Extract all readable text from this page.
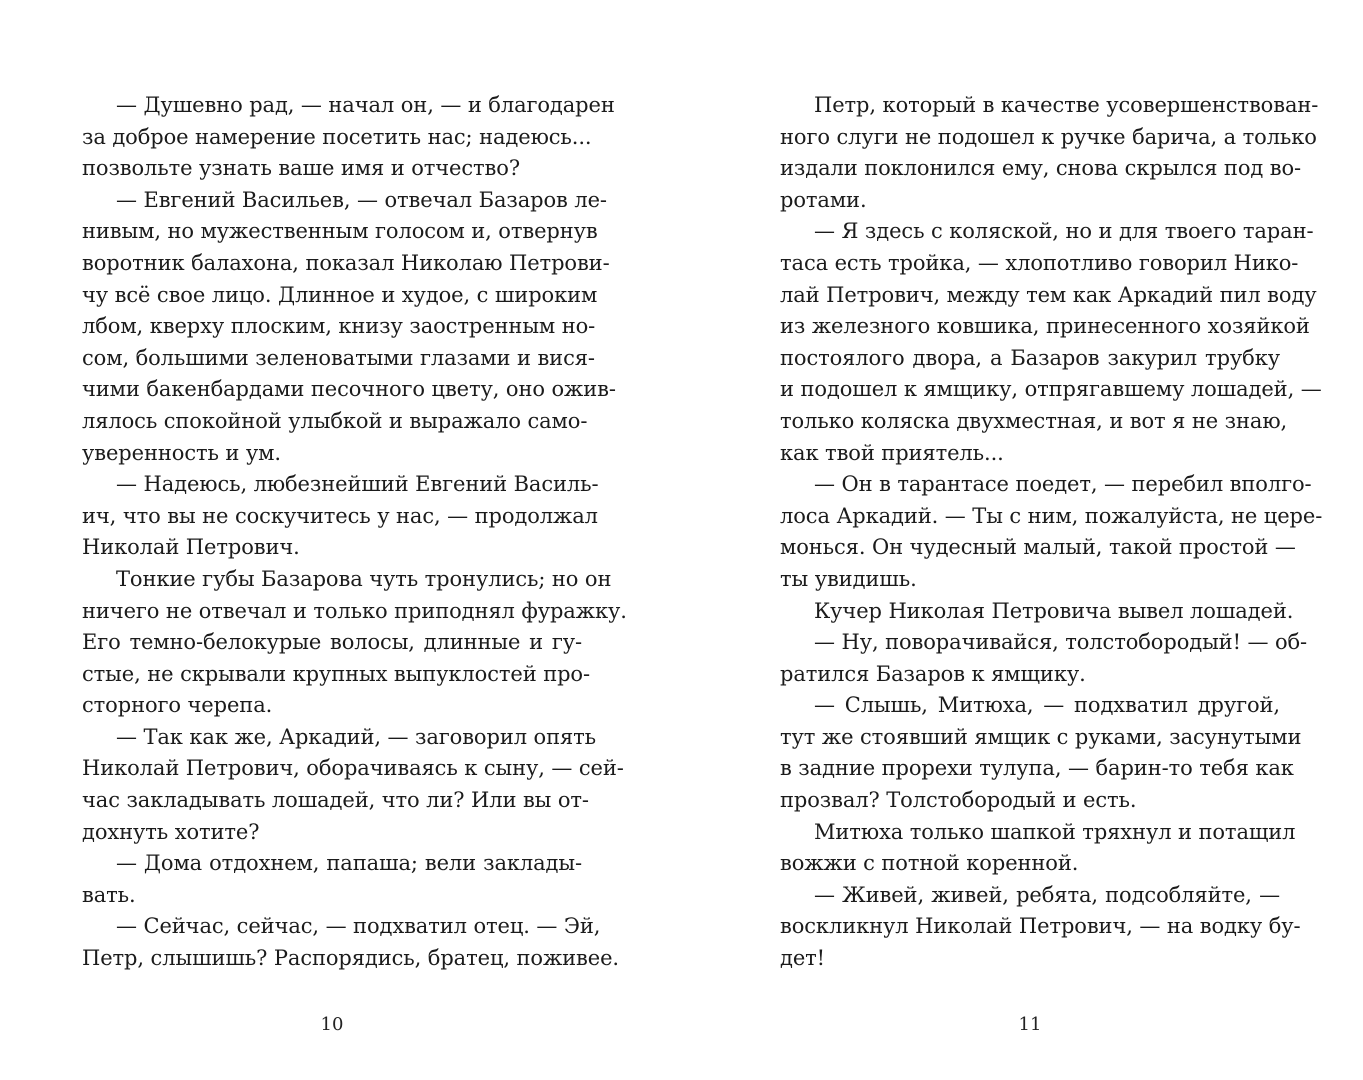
— Душевно рад, — начал он, — и благодарен
за доброе намерение посетить нас; надеюсь...
позвольте узнать ваше имя и отчество?
— Евгений Васильев, — отвечал Базаров ле-
нивым, но мужественным голосом и, отвернув
воротник балахона, показал Николаю Петрови-
чу всё свое лицо. Длинное и худое, с широким
лбом, кверху плоским, книзу заостренным но-
сом, большими зеленоватыми глазами и вися-
чими бакенбардами песочного цвету, оно ожив-
лялось спокойной улыбкой и выражало само-
уверенность и ум.
— Надеюсь, любезнейший Евгений Василь-
ич, что вы не соскучитесь у нас, — продолжал
Николай Петрович.
Тонкие губы Базарова чуть тронулись; но он
ничего не отвечал и только приподнял фуражку.
Его темно-белокурые волосы, длинные и гу-
стые, не скрывали крупных выпуклостей про-
сторного черепа.
— Так как же, Аркадий, — заговорил опять
Николай Петрович, оборачиваясь к сыну, — сей-
час закладывать лошадей, что ли? Или вы от-
дохнуть хотите?
— Дома отдохнем, папаша; вели заклады-
вать.
— Сейчас, сейчас, — подхватил отец. — Эй,
Петр, слышишь? Распорядись, братец, поживее.
Петр, который в качестве усовершенствован-
ного слуги не подошел к ручке барича, а только
издали поклонился ему, снова скрылся под во-
ротами.
— Я здесь с коляской, но и для твоего таран-
таса есть тройка, — хлопотливо говорил Нико-
лай Петрович, между тем как Аркадий пил воду
из железного ковшика, принесенного хозяйкой
постоялого двора, а Базаров закурил трубку
и подошел к ямщику, отпрягавшему лошадей, —
только коляска двухместная, и вот я не знаю,
как твой приятель...
— Он в тарантасе поедет, — перебил вполго-
лоса Аркадий. — Ты с ним, пожалуйста, не цере-
монься. Он чудесный малый, такой простой —
ты увидишь.
Кучер Николая Петровича вывел лошадей.
— Ну, поворачивайся, толстобородый! — об-
ратился Базаров к ямщику.
— Слышь, Митюха, — подхватил другой,
тут же стоявший ямщик с руками, засунутыми
в задние прорехи тулупа, — барин-то тебя как
прозвал? Толстобородый и есть.
Митюха только шапкой тряхнул и потащил
вожжи с потной коренной.
— Живей, живей, ребята, подсобляйте, —
воскликнул Николай Петрович, — на водку бу-
дет!
10	11
